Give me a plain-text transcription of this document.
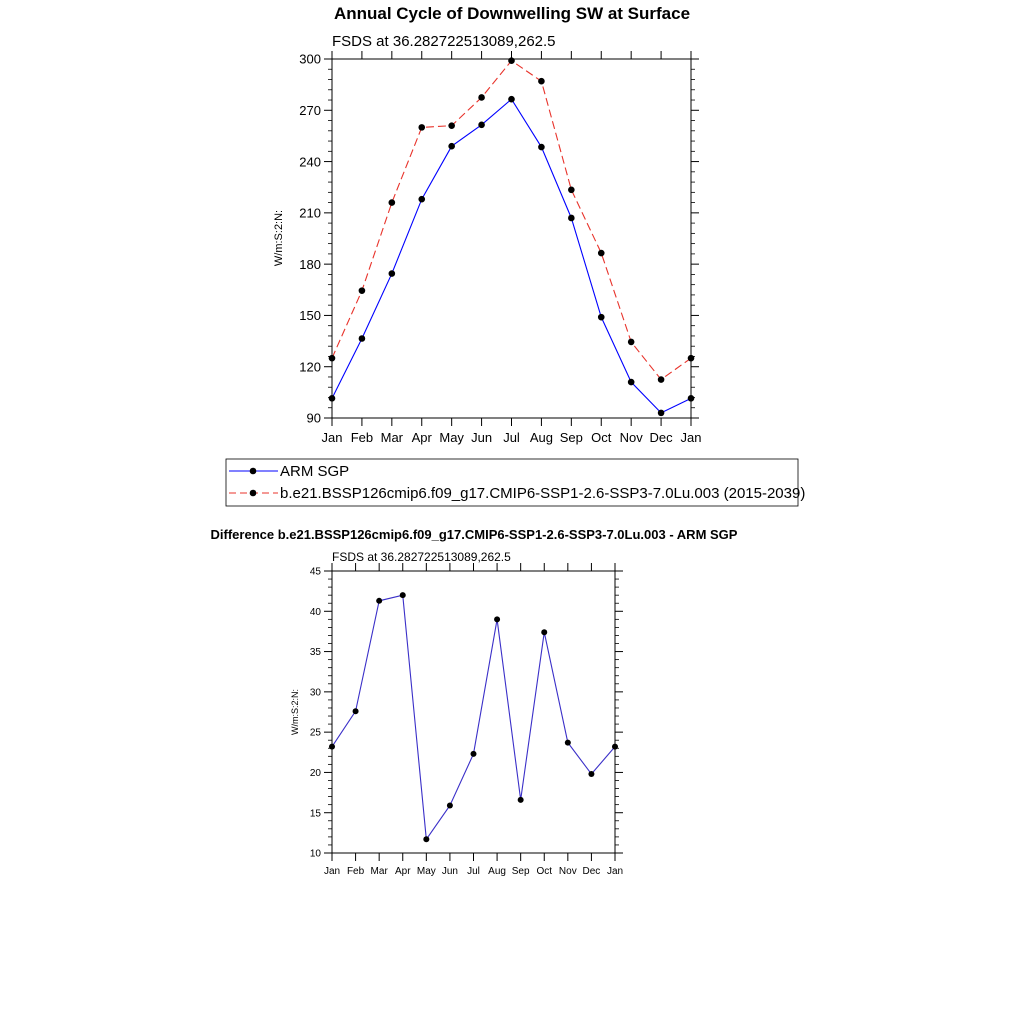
Annual Cycle of Downwelling SW at Surface
FSDS at 36.282722513089,262.5
W/m:S:2:N:
90
120
150
180
210
240
270
300
Jan Feb Mar Apr May Jun Jul Aug Sep Oct Nov Dec Jan
ARM SGP
b.e21.BSSP126cmip6.f09_g17.CMIP6-SSP1-2.6-SSP3-7.0Lu.003 (2015-2039)
Difference b.e21.BSSP126cmip6.f09_g17.CMIP6-SSP1-2.6-SSP3-7.0Lu.003 - ARM SGP
FSDS at 36.282722513089,262.5
W/m:S:2:N:
10
15
20
25
30
35
40
45
Jan Feb Mar Apr May Jun Jul Aug Sep Oct Nov Dec Jan
